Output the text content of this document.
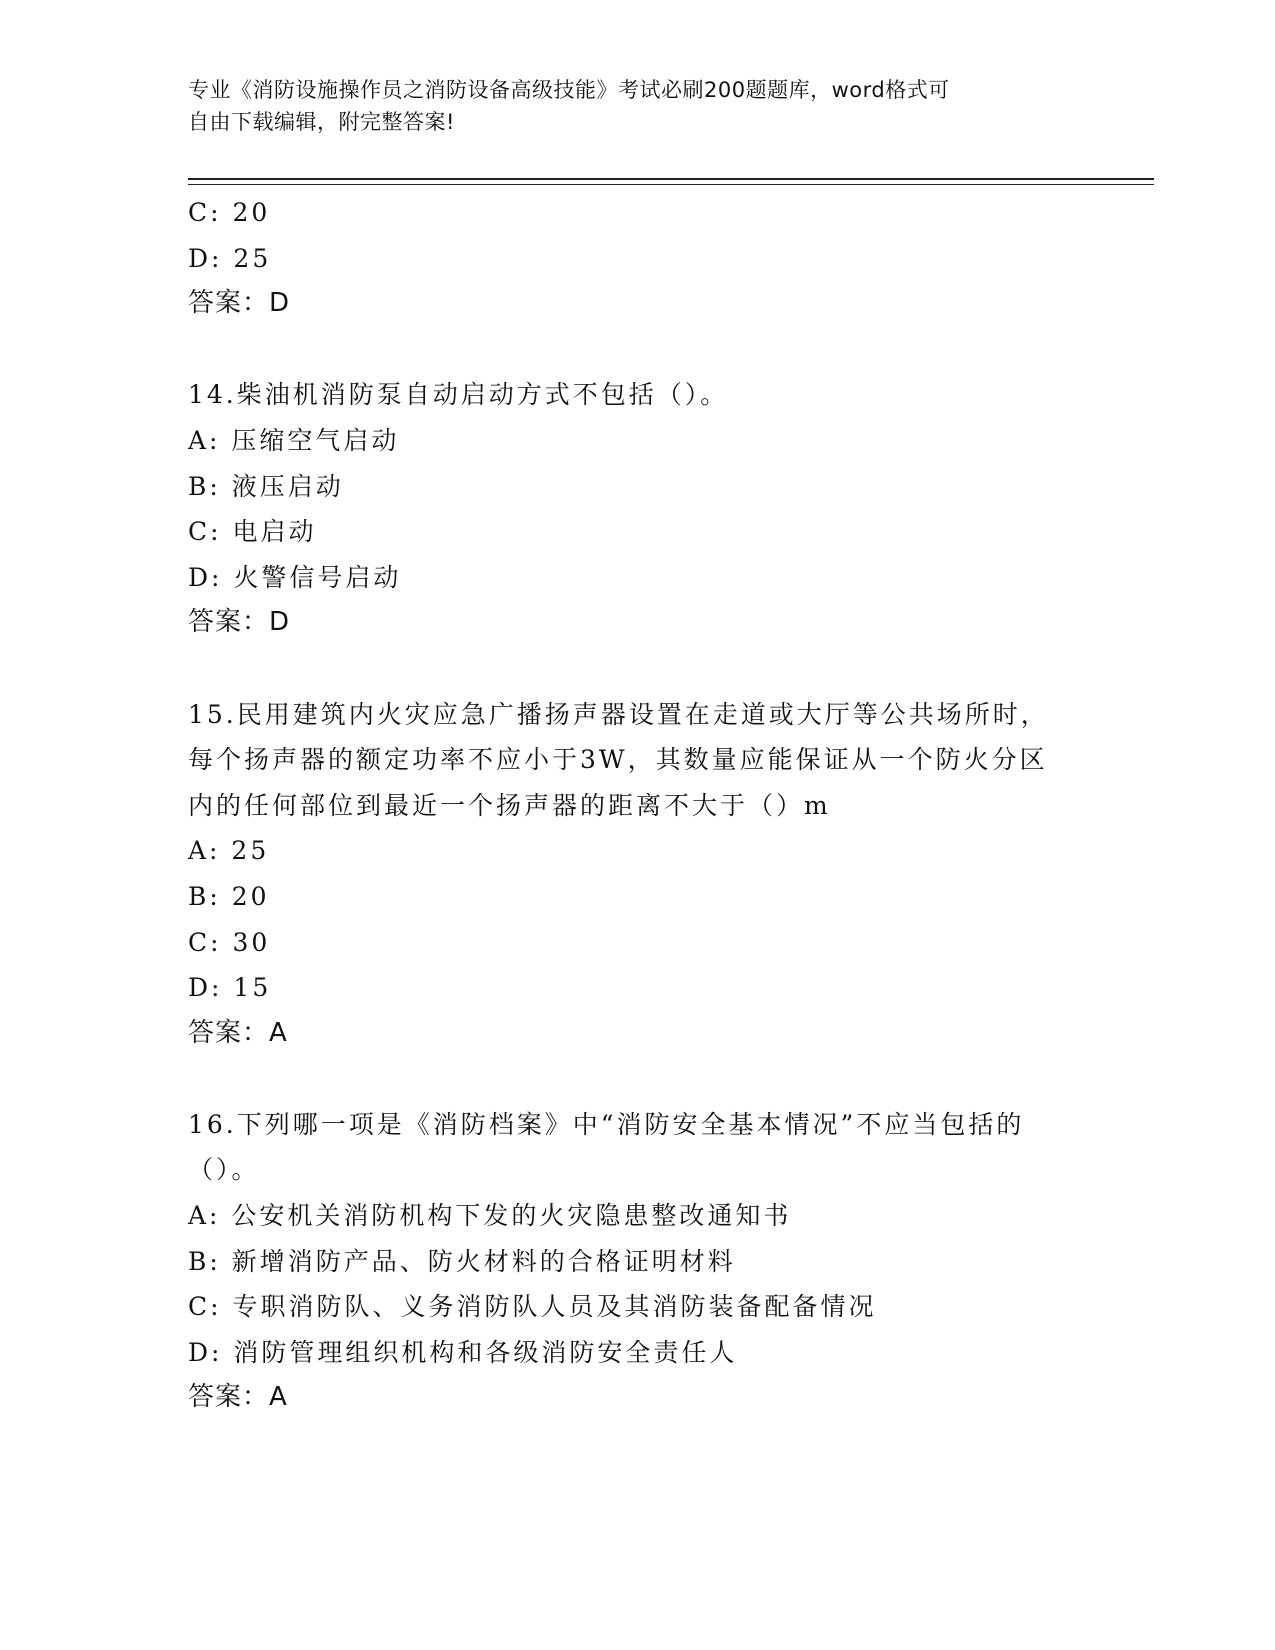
专业《消防设施操作员之消防设备高级技能》考试必刷200题题库，word格式可
自由下载编辑，附完整答案!
C: 20
D: 25
答案：D
14.柴油机消防泵自动启动方式不包括（）。
A: 压缩空气启动
B: 液压启动
C: 电启动
D: 火警信号启动
答案：D
15.民用建筑内火灾应急广播扬声器设置在走道或大厅等公共场所时，
每个扬声器的额定功率不应小于3W，其数量应能保证从一个防火分区
内的任何部位到最近一个扬声器的距离不大于（）m
A: 25
B: 20
C: 30
D: 15
答案：A
16.下列哪一项是《消防档案》中“消防安全基本情况”不应当包括的
（）。
A: 公安机关消防机构下发的火灾隐患整改通知书
B: 新增消防产品、防火材料的合格证明材料
C: 专职消防队、义务消防队人员及其消防装备配备情况
D: 消防管理组织机构和各级消防安全责任人
答案：A
